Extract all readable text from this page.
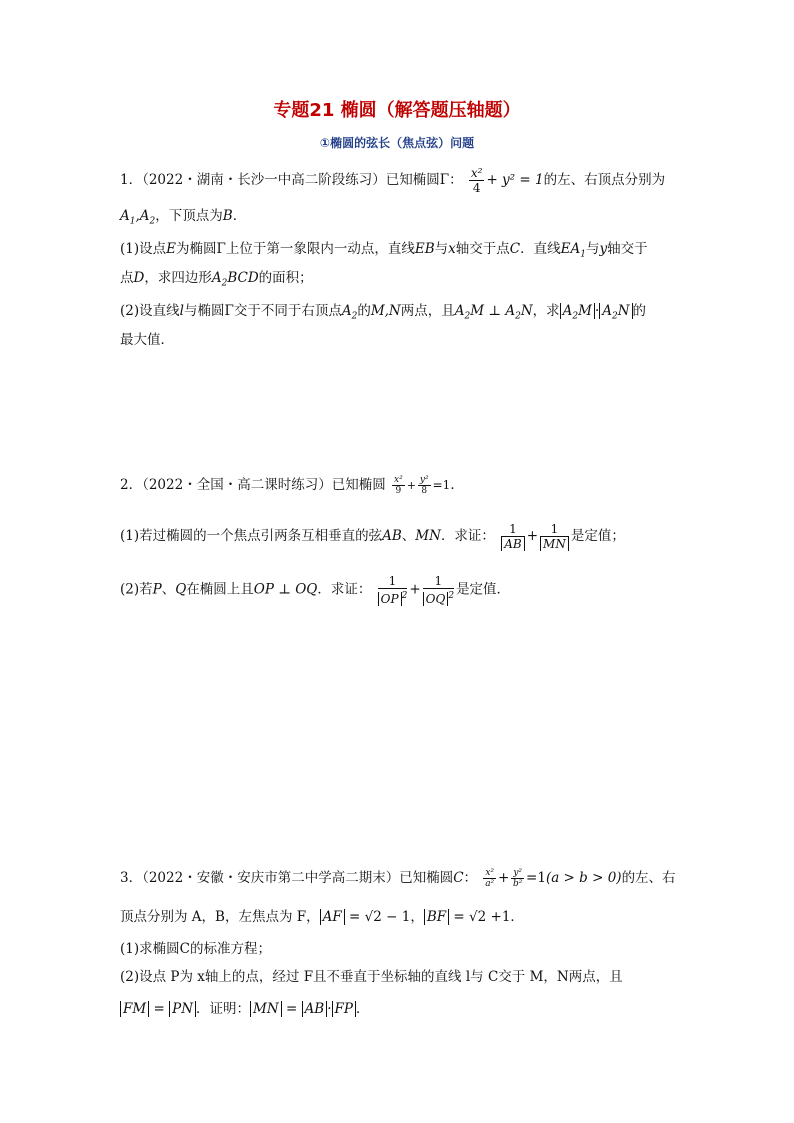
专题21 椭圆（解答题压轴题）
①椭圆的弦长（焦点弦）问题
1．（2022・湖南・长沙一中高二阶段练习）已知椭圆Γ： $\frac{\text{x²}}{4} + y^2 = 1$的左、右顶点分别为
$A_1,A_2$，下顶点为B．
(1)设点E为椭圆Γ上位于第一象限内一动点，直线EB与x轴交于点C．直线$EA_1$与y轴交于
点D，求四边形$A_2BCD$的面积；
(2)设直线l与椭圆Γ交于不同于右顶点$A_2$的M,N两点，且$A_2M$ ⊥ $A_2N$，求 $A_2M \cdot A_2N$ 的
最大值．
2．（2022・全国・高二课时练习）已知椭圆 $\frac{\text{x²}}{9} + \frac{\text{y²}}{8} =1$．
(1)若过椭圆的一个焦点引两条互相垂直的弦AB、MN．求证： $\frac{1}{AB} + \frac{1}{MN}$ 是定值；
(2)若P、Q在椭圆上且OP ⊥ OQ．求证： $\frac{1}{OP ^2} + \frac{1}{OQ ^2}$ 是定值．
3．（2022・安徽・安庆市第二中学高二期末）已知椭圆C： $\frac{\text{x²}}{\text{a²}} + \frac{\text{y²}}{\text{b²}} =1(a > b > 0)$的左、右
顶点分别为 A，B，左焦点为 F， AF = √2 − 1， BF = √2 +1．
(1)求椭圆C的标准方程；
(2)设点 P为 x轴上的点，经过 F且不垂直于坐标轴的直线 l与 C交于 M，N两点，且
FM = PN ．证明： MN = AB · FP ．
